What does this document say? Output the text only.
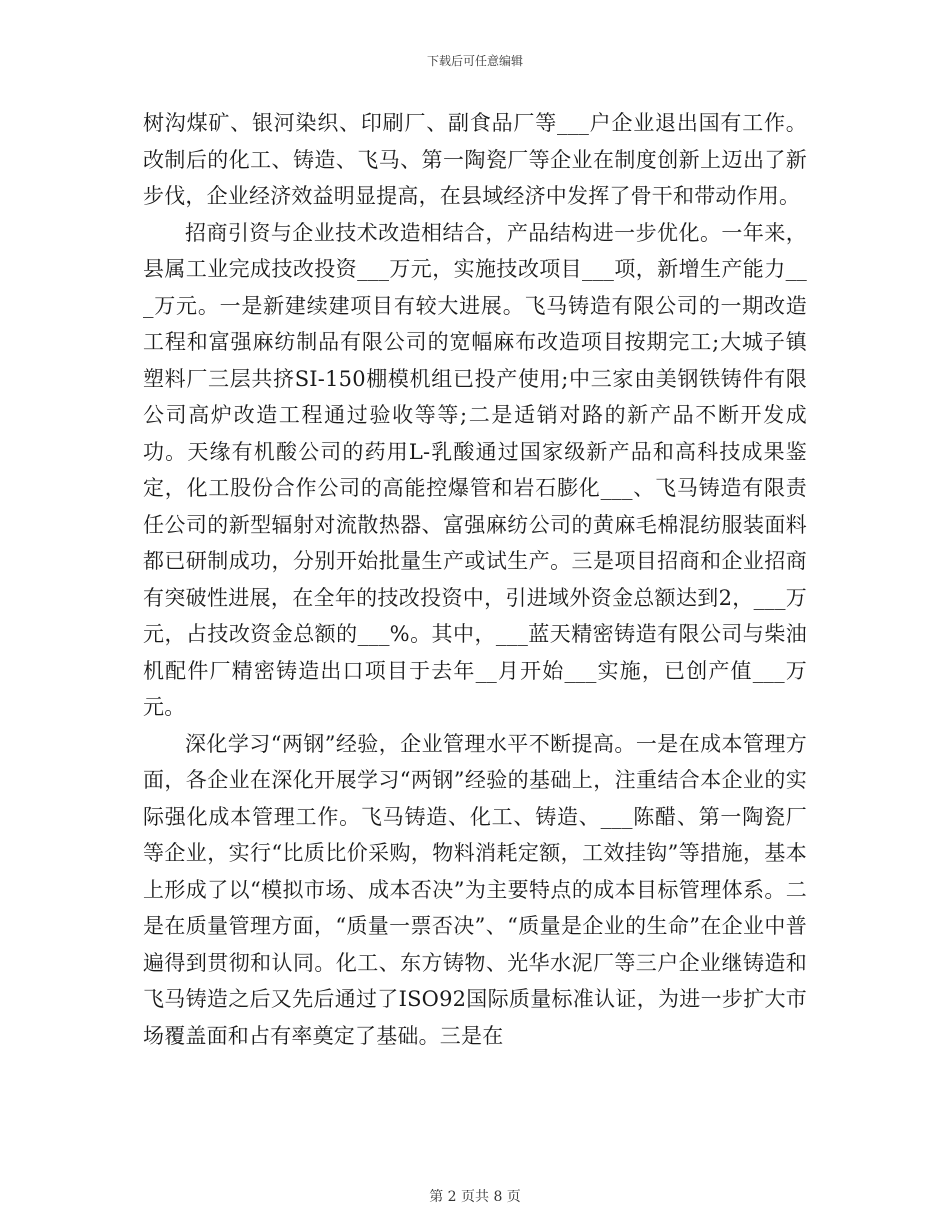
下载后可任意编辑

树沟煤矿、银河染织、印刷厂、副食品厂等___户企业退出国有工作。改制后的化工、铸造、飞马、第一陶瓷厂等企业在制度创新上迈出了新步伐，企业经济效益明显提高，在县域经济中发挥了骨干和带动作用。

招商引资与企业技术改造相结合，产品结构进一步优化。一年来，县属工业完成技改投资___万元，实施技改项目___项，新增生产能力___万元。一是新建续建项目有较大进展。飞马铸造有限公司的一期改造工程和富强麻纺制品有限公司的宽幅麻布改造项目按期完工;大城子镇塑料厂三层共挤SI-150棚模机组已投产使用;中三家由美钢铁铸件有限公司高炉改造工程通过验收等等;二是适销对路的新产品不断开发成功。天缘有机酸公司的药用L-乳酸通过国家级新产品和高科技成果鉴定，化工股份合作公司的高能控爆管和岩石膨化___、飞马铸造有限责任公司的新型辐射对流散热器、富强麻纺公司的黄麻毛棉混纺服装面料都已研制成功，分别开始批量生产或试生产。三是项目招商和企业招商有突破性进展，在全年的技改投资中，引进域外资金总额达到2，___万元，占技改资金总额的___%。其中，___蓝天精密铸造有限公司与柴油机配件厂精密铸造出口项目于去年__月开始___实施，已创产值___万元。

深化学习“两钢”经验，企业管理水平不断提高。一是在成本管理方面，各企业在深化开展学习“两钢”经验的基础上，注重结合本企业的实际强化成本管理工作。飞马铸造、化工、铸造、___陈醋、第一陶瓷厂等企业，实行“比质比价采购，物料消耗定额，工效挂钩”等措施，基本上形成了以“模拟市场、成本否决”为主要特点的成本目标管理体系。二是在质量管理方面，“质量一票否决”、“质量是企业的生命”在企业中普遍得到贯彻和认同。化工、东方铸物、光华水泥厂等三户企业继铸造和飞马铸造之后又先后通过了ISO92国际质量标准认证，为进一步扩大市场覆盖面和占有率奠定了基础。三是在

第 2 页共 8 页
